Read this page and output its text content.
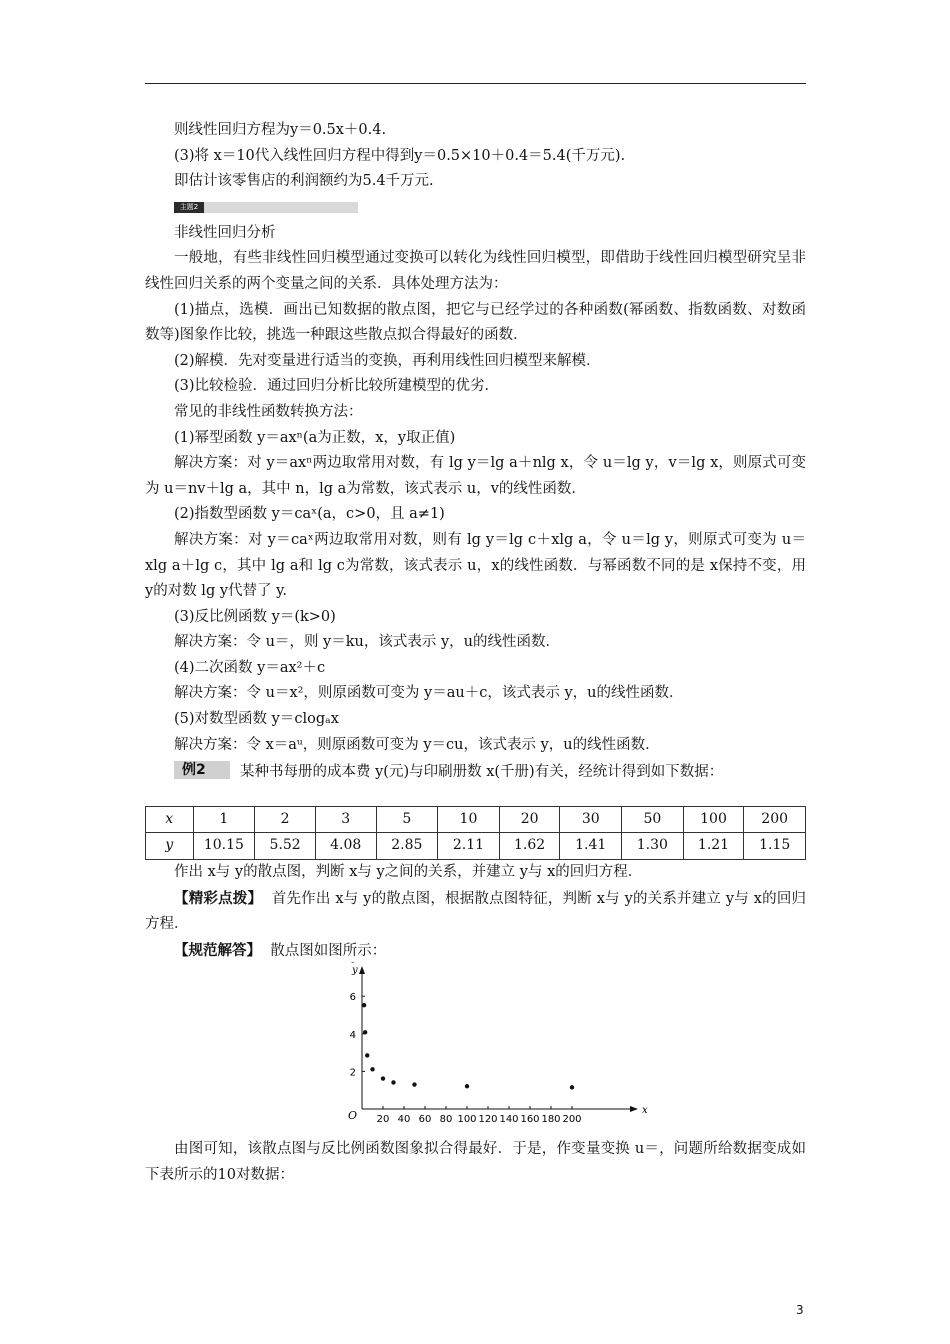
则线性回归方程为y＝0.5x＋0.4.

(3)将 x＝10代入线性回归方程中得到y＝0.5×10＋0.4＝5.4(千万元).

即估计该零售店的利润额约为5.4千万元.

主题2

非线性回归分析

一般地，有些非线性回归模型通过变换可以转化为线性回归模型，即借助于线性回归模型研究呈非线性回归关系的两个变量之间的关系．具体处理方法为：

(1)描点，选模．画出已知数据的散点图，把它与已经学过的各种函数(幂函数、指数函数、对数函数等)图象作比较，挑选一种跟这些散点拟合得最好的函数．

(2)解模．先对变量进行适当的变换，再利用线性回归模型来解模．

(3)比较检验．通过回归分析比较所建模型的优劣．

常见的非线性函数转换方法：

(1)幂型函数 y＝axⁿ(a为正数，x，y取正值)

解决方案：对 y＝axⁿ两边取常用对数，有 lg y＝lg a＋nlg x，令 u＝lg y，v＝lg x，则原式可变为 u＝nv＋lg a，其中 n，lg a为常数，该式表示 u，v的线性函数．

(2)指数型函数 y＝caˣ(a，c>0，且 a≠1)

解决方案：对 y＝caˣ两边取常用对数，则有 lg y＝lg c＋xlg a，令 u＝lg y，则原式可变为 u＝xlg a＋lg c，其中 lg a和 lg c为常数，该式表示 u，x的线性函数．与幂函数不同的是 x保持不变，用 y的对数 lg y代替了 y.

(3)反比例函数 y＝(k>0)

解决方案：令 u＝，则 y＝ku，该式表示 y，u的线性函数．

(4)二次函数 y＝ax²＋c

解决方案：令 u＝x²，则原函数可变为 y＝au＋c，该式表示 y，u的线性函数．

(5)对数型函数 y＝clogₐx

解决方案：令 x＝aᵘ，则原函数可变为 y＝cu，该式表示 y，u的线性函数．

例2 某种书每册的成本费 y(元)与印刷册数 x(千册)有关，经统计得到如下数据：

x	1	2	3	5	10	20	30	50	100	200
y	10.15	5.52	4.08	2.85	2.11	1.62	1.41	1.30	1.21	1.15

作出 x与 y的散点图，判断 x与 y之间的关系，并建立 y与 x的回归方程．

【精彩点拨】 首先作出 x与 y的散点图，根据散点图特征，判断 x与 y的关系并建立 y与 x的回归方程．

【规范解答】 散点图如图所示：

x
y
O 20 40 60 80 100 120 140 160 180 200
2
4
6

由图可知，该散点图与反比例函数图象拟合得最好．于是，作变量变换 u＝，问题所给数据变成如下表所示的10对数据：

3
